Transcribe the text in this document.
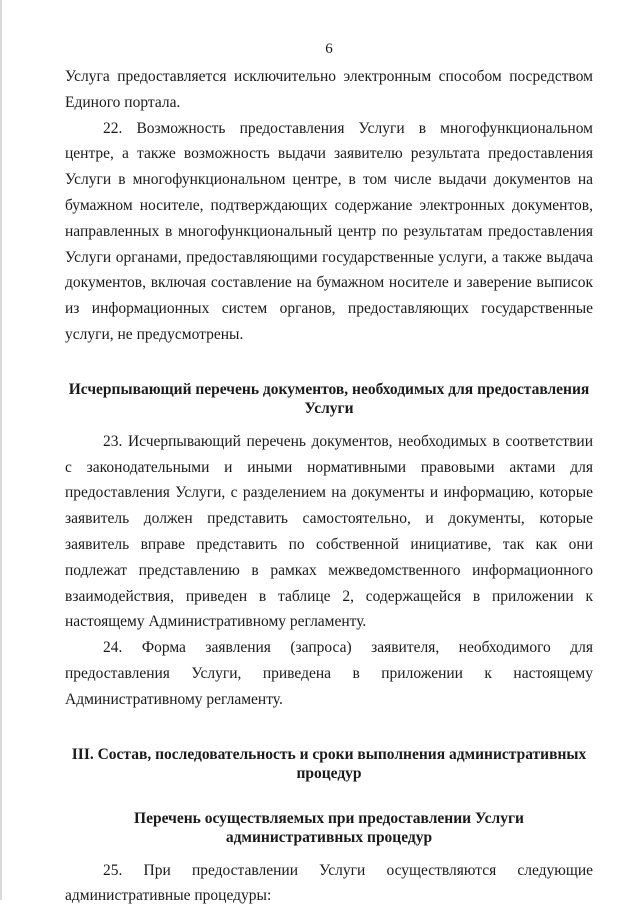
6

Услуга предоставляется исключительно электронным способом посредством Единого портала.

22. Возможность предоставления Услуги в многофункциональном центре, а также возможность выдачи заявителю результата предоставления Услуги в многофункциональном центре, в том числе выдачи документов на бумажном носителе, подтверждающих содержание электронных документов, направленных в многофункциональный центр по результатам предоставления Услуги органами, предоставляющими государственные услуги, а также выдача документов, включая составление на бумажном носителе и заверение выписок из информационных систем органов, предоставляющих государственные услуги, не предусмотрены.

Исчерпывающий перечень документов, необходимых для предоставления Услуги

23. Исчерпывающий перечень документов, необходимых в соответствии с законодательными и иными нормативными правовыми актами для предоставления Услуги, с разделением на документы и информацию, которые заявитель должен представить самостоятельно, и документы, которые заявитель вправе представить по собственной инициативе, так как они подлежат представлению в рамках межведомственного информационного взаимодействия, приведен в таблице 2, содержащейся в приложении к настоящему Административному регламенту.

24. Форма заявления (запроса) заявителя, необходимого для предоставления Услуги, приведена в приложении к настоящему Административному регламенту.

III. Состав, последовательность и сроки выполнения административных процедур
Перечень осуществляемых при предоставлении Услуги административных процедур

25. При предоставлении Услуги осуществляются следующие административные процедуры:
